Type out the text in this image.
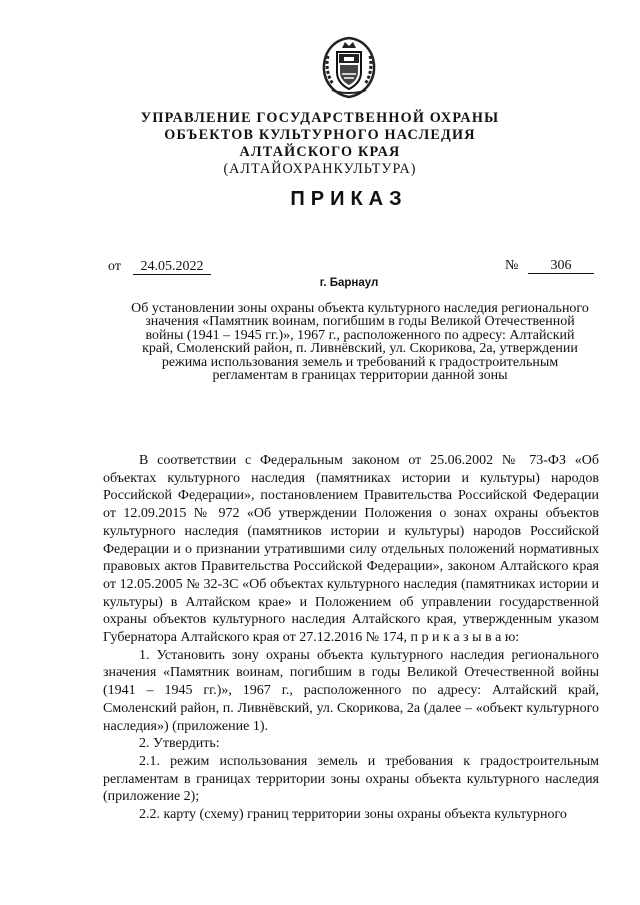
УПРАВЛЕНИЕ ГОСУДАРСТВЕННОЙ ОХРАНЫ
ОБЪЕКТОВ КУЛЬТУРНОГО НАСЛЕДИЯ
АЛТАЙСКОГО КРАЯ
(АЛТАЙОХРАНКУЛЬТУРА)
ПРИКАЗ
от	24.05.2022	№	306
г. Барнаул
Об установлении зоны охраны объекта культурного наследия регионального значения «Памятник воинам, погибшим в годы Великой Отечественной войны (1941 – 1945 гг.)», 1967 г., расположенного по адресу: Алтайский край, Смоленский район, п. Ливнёвский, ул. Скорикова, 2а, утверждении режима использования земель и требований к градостроительным регламентам в границах территории данной зоны

В соответствии с Федеральным законом от 25.06.2002 № 73-ФЗ «Об объектах культурного наследия (памятниках истории и культуры) народов Российской Федерации», постановлением Правительства Российской Федерации от 12.09.2015 № 972 «Об утверждении Положения о зонах охраны объектов культурного наследия (памятников истории и культуры) народов Российской Федерации и о признании утратившими силу отдельных положений нормативных правовых актов Правительства Российской Федерации», законом Алтайского края от 12.05.2005 № 32-ЗС «Об объектах культурного наследия (памятниках истории и культуры) в Алтайском крае» и Положением об управлении государственной охраны объектов культурного наследия Алтайского края, утвержденным указом Губернатора Алтайского края от 27.12.2016 № 174, п р и к а з ы в а ю:

1. Установить зону охраны объекта культурного наследия регионального значения «Памятник воинам, погибшим в годы Великой Отечественной войны (1941 – 1945 гг.)», 1967 г., расположенного по адресу: Алтайский край, Смоленский район, п. Ливнёвский, ул. Скорикова, 2а (далее – «объект культурного наследия») (приложение 1).

2. Утвердить:

2.1. режим использования земель и требования к градостроительным регламентам в границах территории зоны охраны объекта культурного наследия (приложение 2);

2.2. карту (схему) границ территории зоны охраны объекта культурного
